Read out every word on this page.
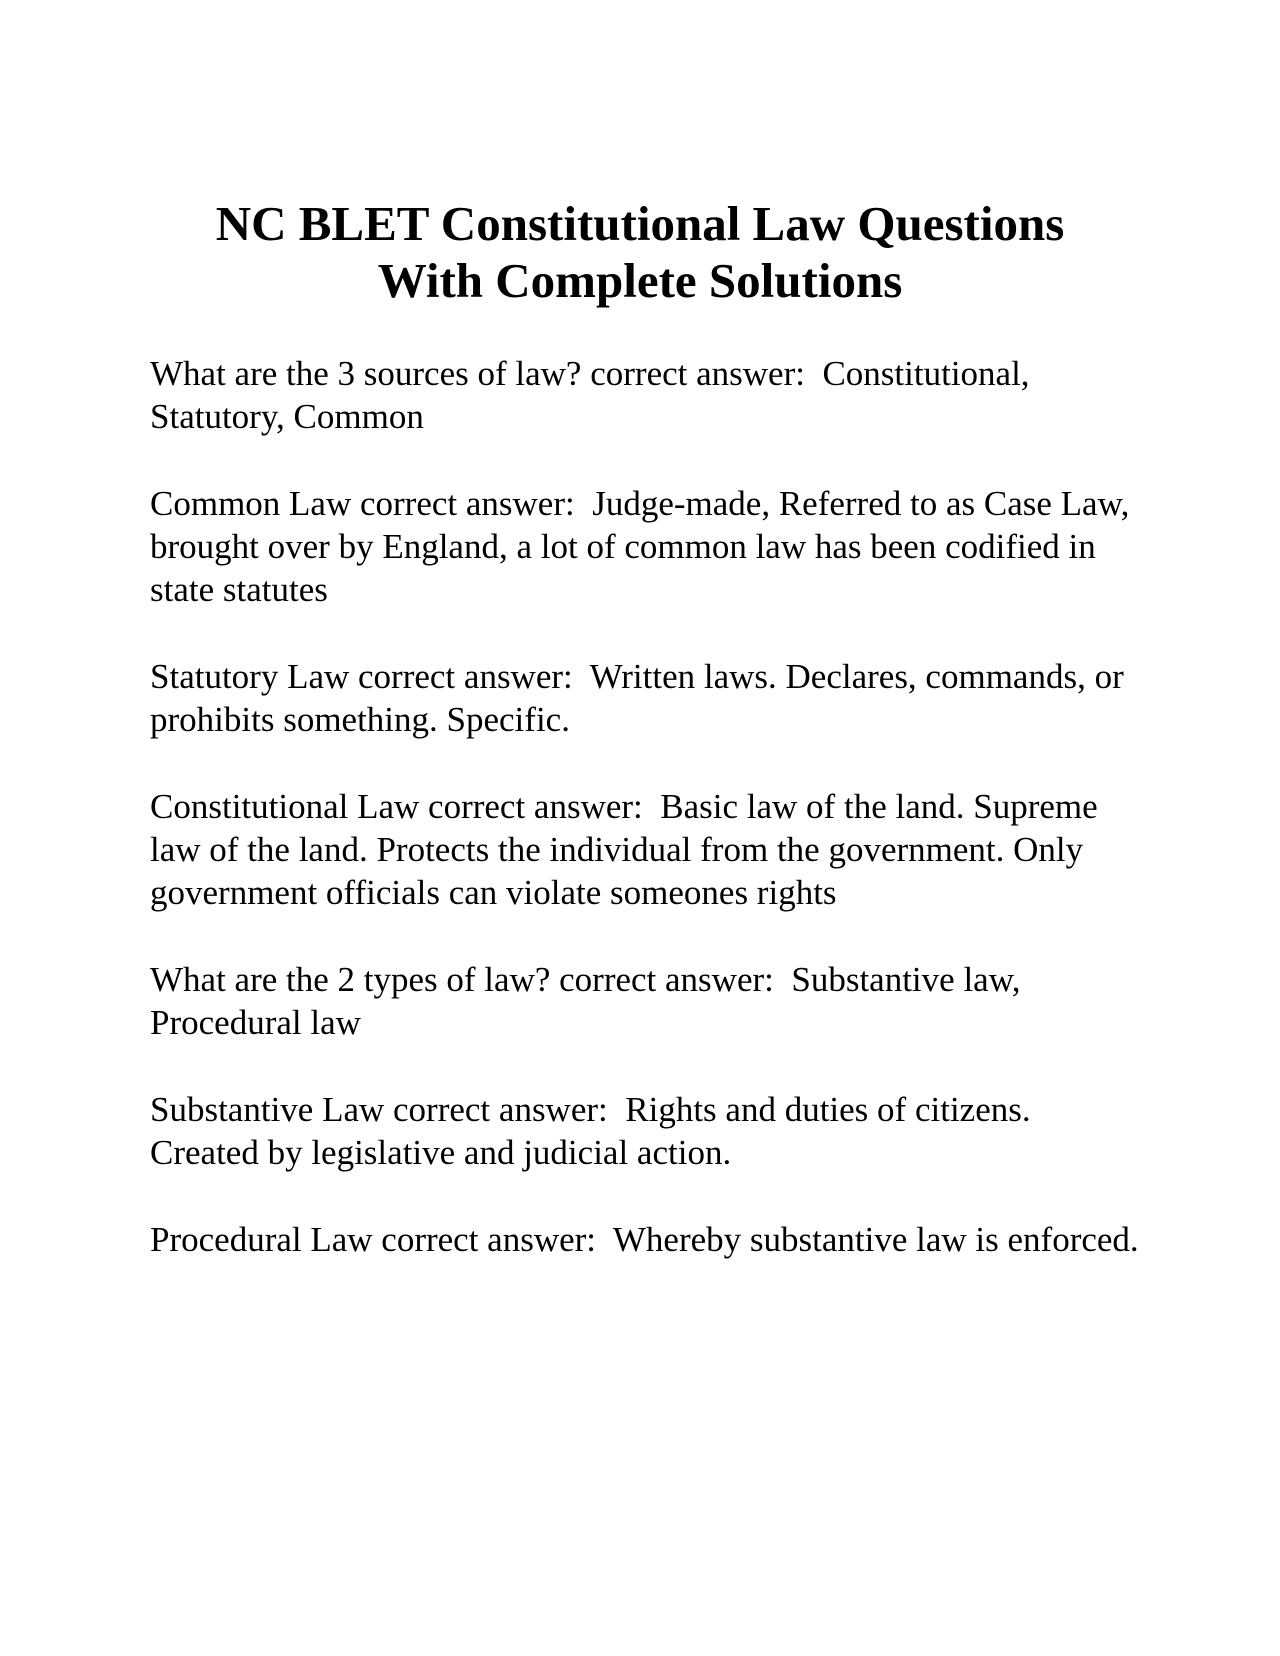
NC BLET Constitutional Law Questions
With Complete Solutions

What are the 3 sources of law? correct answer:  Constitutional, Statutory, Common

Common Law correct answer:  Judge-made, Referred to as Case Law, brought over by England, a lot of common law has been codified in state statutes

Statutory Law correct answer:  Written laws. Declares, commands, or prohibits something. Specific.

Constitutional Law correct answer:  Basic law of the land. Supreme law of the land. Protects the individual from the government. Only government officials can violate someones rights

What are the 2 types of law? correct answer:  Substantive law, Procedural law

Substantive Law correct answer:  Rights and duties of citizens. Created by legislative and judicial action.

Procedural Law correct answer:  Whereby substantive law is enforced.
